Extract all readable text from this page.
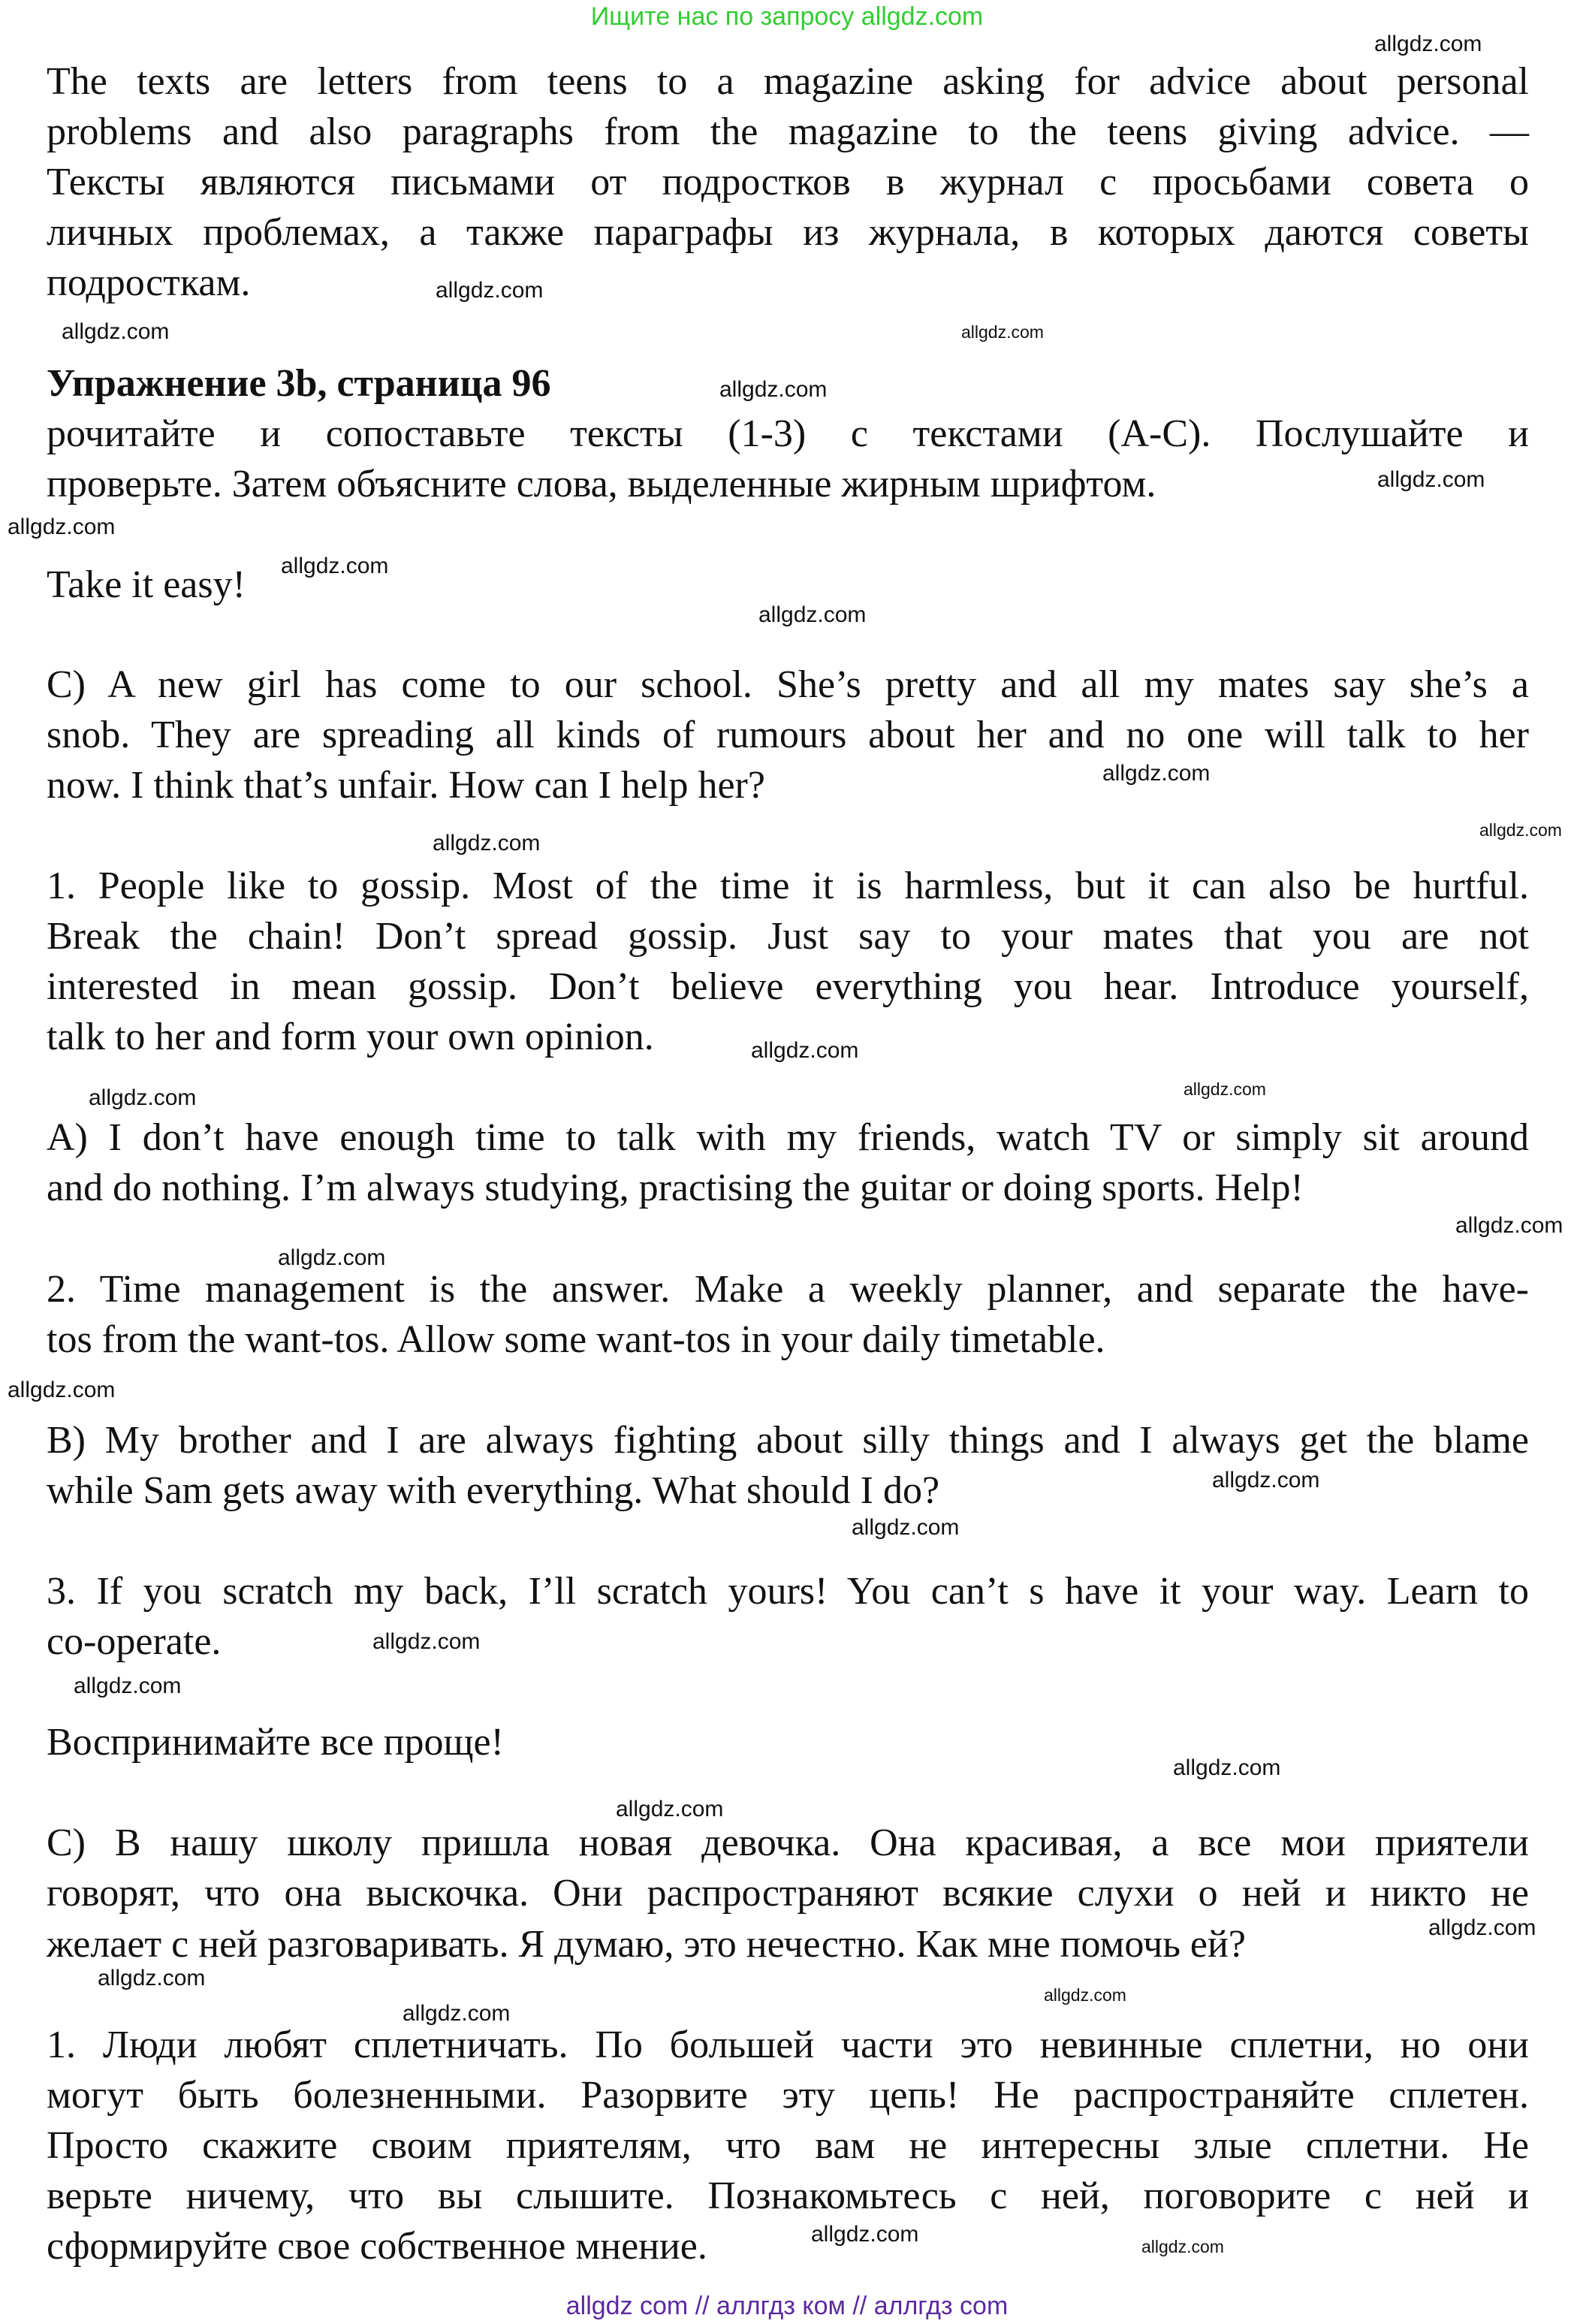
Ищите нас по запросу allgdz.com
The texts are letters from teens to a magazine asking for advice about personal
problems and also paragraphs from the magazine to the teens giving advice. —
Тексты являются письмами от подростков в журнал с просьбами совета о
личных проблемах, а также параграфы из журнала, в которых даются советы
подросткам.
Упражнение 3b, страница 96
рочитайте и сопоставьте тексты (1-3) с текстами (А-С). Послушайте и
проверьте. Затем объясните слова, выделенные жирным шрифтом.
Take it easy!
C) A new girl has come to our school. She’s pretty and all my mates say she’s a
snob. They are spreading all kinds of rumours about her and no one will talk to her
now. I think that’s unfair. How can I help her?
1. People like to gossip. Most of the time it is harmless, but it can also be hurtful.
Break the chain! Don’t spread gossip. Just say to your mates that you are not
interested in mean gossip. Don’t believe everything you hear. Introduce yourself,
talk to her and form your own opinion.
A) I don’t have enough time to talk with my friends, watch TV or simply sit around
and do nothing. I’m always studying, practising the guitar or doing sports. Help!
2. Time management is the answer. Make a weekly planner, and separate the have-
tos from the want-tos. Allow some want-tos in your daily timetable.
B) My brother and I are always fighting about silly things and I always get the blame
while Sam gets away with everything. What should I do?
3. If you scratch my back, I’ll scratch yours! You can’t s have it your way. Learn to
co-operate.
Воспринимайте все проще!
С) В нашу школу пришла новая девочка. Она красивая, а все мои приятели
говорят, что она выскочка. Они распространяют всякие слухи о ней и никто не
желает с ней разговаривать. Я думаю, это нечестно. Как мне помочь ей?
1. Люди любят сплетничать. По большей части это невинные сплетни, но они
могут быть болезненными. Разорвите эту цепь! Не распространяйте сплетен.
Просто скажите своим приятелям, что вам не интересны злые сплетни. Не
верьте ничему, что вы слышите. Познакомьтесь с ней, поговорите с ней и
сформируйте свое собственное мнение.
allgdz.com
allgdz.com
allgdz.com
allgdz.com
allgdz.com
allgdz.com
allgdz.com
allgdz.com
allgdz.com
allgdz.com
allgdz.com
allgdz.com
allgdz.com
allgdz.com
allgdz.com
allgdz.com
allgdz.com
allgdz.com
allgdz.com
allgdz.com
allgdz.com
allgdz.com
allgdz.com
allgdz.com
allgdz.com
allgdz.com
allgdz.com
allgdz.com
allgdz.com
allgdz.com
allgdz com // аллгдз ком // аллгдз com
